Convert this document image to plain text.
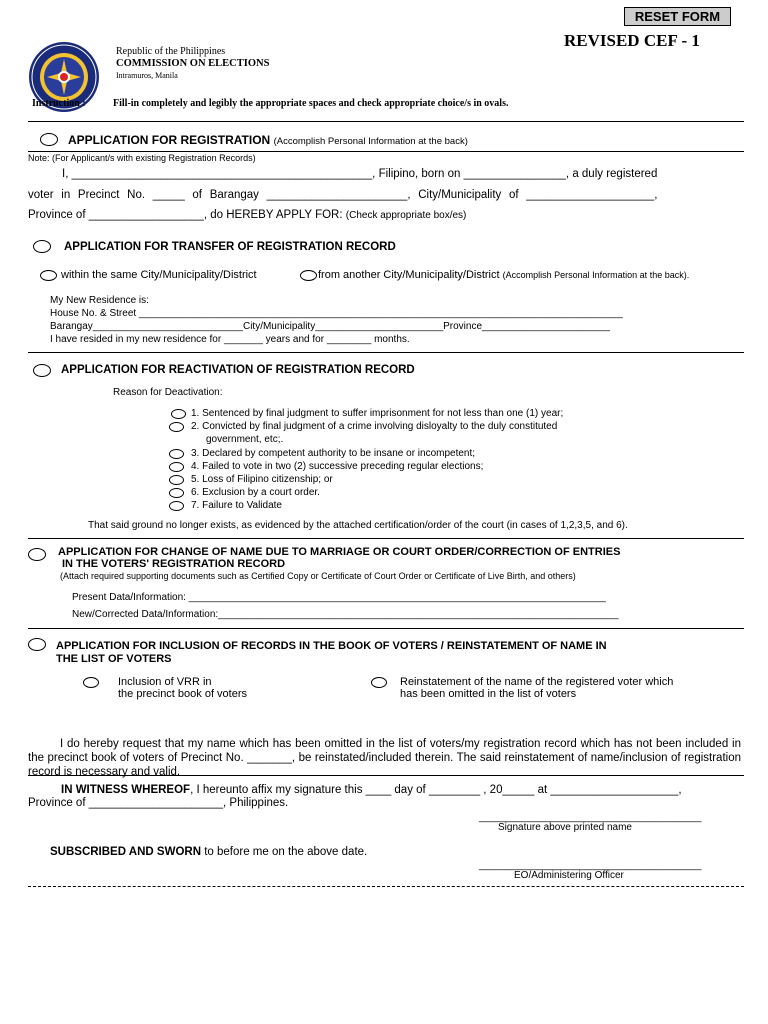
RESET FORM
REVISED CEF - 1
Republic of the Philippines
COMMISSION ON ELECTIONS
Intramuros, Manila
Instruction :	Fill-in completely and legibly the appropriate spaces and check appropriate choice/s in ovals.
APPLICATION FOR REGISTRATION (Accomplish Personal Information at the back)
Note: (For Applicant/s with existing Registration Records)
I, _______________________________________________, Filipino, born on ________________, a duly registered
voter in Precinct No. _____ of Barangay ______________________, City/Municipality of ____________________,
Province of __________________, do HEREBY APPLY FOR: (Check appropriate box/es)
APPLICATION FOR TRANSFER OF REGISTRATION RECORD
within the same City/Municipality/District	from another City/Municipality/District (Accomplish Personal Information at the back).
My New Residence is:
House No. & Street _______________________________________________________________________________________
Barangay___________________________City/Municipality_______________________Province_______________________
I have resided in my new residence for _______ years and for ________ months.
APPLICATION FOR REACTIVATION OF REGISTRATION RECORD
Reason for Deactivation:
1. Sentenced by final judgment to suffer imprisonment for not less than one (1) year;
2. Convicted by final judgment of a crime involving disloyalty to the duly constituted
government, etc;.
3. Declared by competent authority to be insane or incompetent;
4. Failed to vote in two (2) successive preceding regular elections;
5. Loss of Filipino citizenship; or
6. Exclusion by a court order.
7. Failure to Validate
That said ground no longer exists, as evidenced by the attached certification/order of the court (in cases of 1,2,3,5, and 6).
APPLICATION FOR CHANGE OF NAME DUE TO MARRIAGE OR COURT ORDER/CORRECTION OF ENTRIES
IN THE VOTERS' REGISTRATION RECORD
(Attach required supporting documents such as Certified Copy or Certificate of Court Order or Certificate of Live Birth, and others)
Present Data/Information: ___________________________________________________________________________
New/Corrected Data/Information:________________________________________________________________________
APPLICATION FOR INCLUSION OF RECORDS IN THE BOOK OF VOTERS / REINSTATEMENT OF NAME IN
THE LIST OF VOTERS
Inclusion of VRR in
the precinct book of voters
Reinstatement of the name of the registered voter which
has been omitted in the list of voters
I do hereby request that my name which has been omitted in the list of voters/my registration record which has not been included in the precinct book of voters of Precinct No. _______, be reinstated/included therein. The said reinstatement of name/inclusion of registration record is necessary and valid.
IN WITNESS WHEREOF, I hereunto affix my signature this ____ day of ________ , 20_____ at ____________________,
Province of _____________________, Philippines.
________________________________________
Signature above printed name
SUBSCRIBED AND SWORN to before me on the above date.
________________________________________
EO/Administering Officer
